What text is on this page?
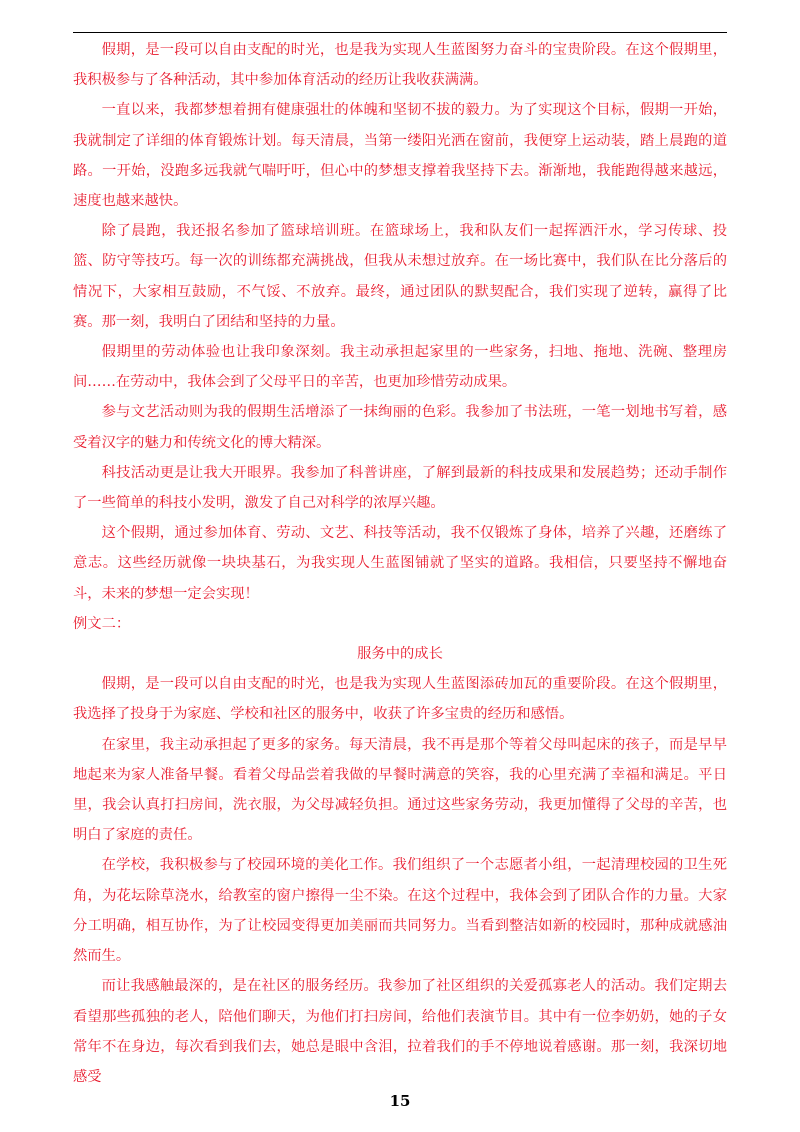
假期，是一段可以自由支配的时光，也是我为实现人生蓝图努力奋斗的宝贵阶段。在这个假期里，我积极参与了各种活动，其中参加体育活动的经历让我收获满满。

一直以来，我都梦想着拥有健康强壮的体魄和坚韧不拔的毅力。为了实现这个目标，假期一开始，我就制定了详细的体育锻炼计划。每天清晨，当第一缕阳光洒在窗前，我便穿上运动装，踏上晨跑的道路。一开始，没跑多远我就气喘吁吁，但心中的梦想支撑着我坚持下去。渐渐地，我能跑得越来越远，速度也越来越快。

除了晨跑，我还报名参加了篮球培训班。在篮球场上，我和队友们一起挥洒汗水，学习传球、投篮、防守等技巧。每一次的训练都充满挑战，但我从未想过放弃。在一场比赛中，我们队在比分落后的情况下，大家相互鼓励，不气馁、不放弃。最终，通过团队的默契配合，我们实现了逆转，赢得了比赛。那一刻，我明白了团结和坚持的力量。

假期里的劳动体验也让我印象深刻。我主动承担起家里的一些家务，扫地、拖地、洗碗、整理房间……在劳动中，我体会到了父母平日的辛苦，也更加珍惜劳动成果。

参与文艺活动则为我的假期生活增添了一抹绚丽的色彩。我参加了书法班，一笔一划地书写着，感受着汉字的魅力和传统文化的博大精深。

科技活动更是让我大开眼界。我参加了科普讲座，了解到最新的科技成果和发展趋势；还动手制作了一些简单的科技小发明，激发了自己对科学的浓厚兴趣。

这个假期，通过参加体育、劳动、文艺、科技等活动，我不仅锻炼了身体，培养了兴趣，还磨练了意志。这些经历就像一块块基石，为我实现人生蓝图铺就了坚实的道路。我相信，只要坚持不懈地奋斗，未来的梦想一定会实现！

例文二：

服务中的成长

假期，是一段可以自由支配的时光，也是我为实现人生蓝图添砖加瓦的重要阶段。在这个假期里，我选择了投身于为家庭、学校和社区的服务中，收获了许多宝贵的经历和感悟。

在家里，我主动承担起了更多的家务。每天清晨，我不再是那个等着父母叫起床的孩子，而是早早地起来为家人准备早餐。看着父母品尝着我做的早餐时满意的笑容，我的心里充满了幸福和满足。平日里，我会认真打扫房间，洗衣服，为父母减轻负担。通过这些家务劳动，我更加懂得了父母的辛苦，也明白了家庭的责任。

在学校，我积极参与了校园环境的美化工作。我们组织了一个志愿者小组，一起清理校园的卫生死角，为花坛除草浇水，给教室的窗户擦得一尘不染。在这个过程中，我体会到了团队合作的力量。大家分工明确，相互协作，为了让校园变得更加美丽而共同努力。当看到整洁如新的校园时，那种成就感油然而生。

而让我感触最深的，是在社区的服务经历。我参加了社区组织的关爱孤寡老人的活动。我们定期去看望那些孤独的老人，陪他们聊天，为他们打扫房间，给他们表演节目。其中有一位李奶奶，她的子女常年不在身边，每次看到我们去，她总是眼中含泪，拉着我们的手不停地说着感谢。那一刻，我深切地感受

15
